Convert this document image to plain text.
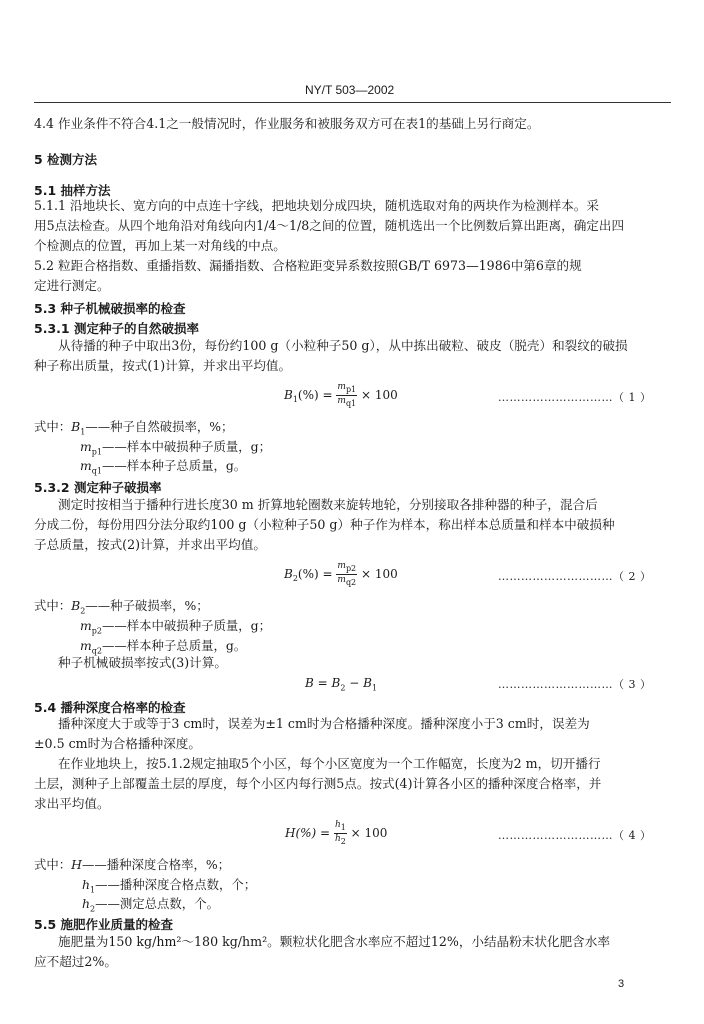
NY/T 503—2002
4.4 作业条件不符合4.1之一般情况时，作业服务和被服务双方可在表1的基础上另行商定。
5 检测方法
5.1 抽样方法
5.1.1 沿地块长、宽方向的中点连十字线，把地块划分成四块，随机选取对角的两块作为检测样本。采
用5点法检查。从四个地角沿对角线向内1/4～1/8之间的位置，随机选出一个比例数后算出距离，确定出四
个检测点的位置，再加上某一对角线的中点。
5.2 粒距合格指数、重播指数、漏播指数、合格粒距变异系数按照GB/T 6973—1986中第6章的规
定进行测定。
5.3 种子机械破损率的检查
5.3.1 测定种子的自然破损率
从待播的种子中取出3份，每份约100 g（小粒种子50 g），从中拣出破粒、破皮（脱壳）和裂纹的破损
种子称出质量，按式(1)计算，并求出平均值。
$B_1(\%) = \frac{m_{p1}}{m_{q1}} \times 100$	…………………………（ 1 ）
式中：$B_1——$种子自然破损率，%；
$m_{p1}——$样本中破损种子质量，g；
$m_{q1}——$样本种子总质量，g。
5.3.2 测定种子破损率
测定时按相当于播种行进长度30 m 折算地轮圈数来旋转地轮，分别接取各排种器的种子，混合后
分成二份，每份用四分法分取约100 g（小粒种子50 g）种子作为样本，称出样本总质量和样本中破损种
子总质量，按式(2)计算，并求出平均值。
$B_2(\%) = \frac{m_{p2}}{m_{q2}} \times 100$	…………………………（ 2 ）
式中：$B_2——$种子破损率，%；
$m_{p2}——$样本中破损种子质量，g；
$m_{q2}——$样本种子总质量，g。
种子机械破损率按式(3)计算。
$B = B_2 - B_1$	…………………………（ 3 ）
5.4 播种深度合格率的检查
播种深度大于或等于3 cm时，误差为±1 cm时为合格播种深度。播种深度小于3 cm时，误差为
±0.5 cm时为合格播种深度。
在作业地块上，按5.1.2规定抽取5个小区，每个小区宽度为一个工作幅宽，长度为2 m，切开播行
土层，测种子上部覆盖土层的厚度，每个小区内每行测5点。按式(4)计算各小区的播种深度合格率，并
求出平均值。
$H(\%) = \frac{h_1}{h_2} \times 100$	…………………………（ 4 ）
式中：H——播种深度合格率，%；
$h_1——$播种深度合格点数，个；
$h_2——$测定总点数，个。
5.5 施肥作业质量的检查
施肥量为150 kg/hm²～180 kg/hm²。颗粒状化肥含水率应不超过12%，小结晶粉末状化肥含水率
应不超过2%。
3
